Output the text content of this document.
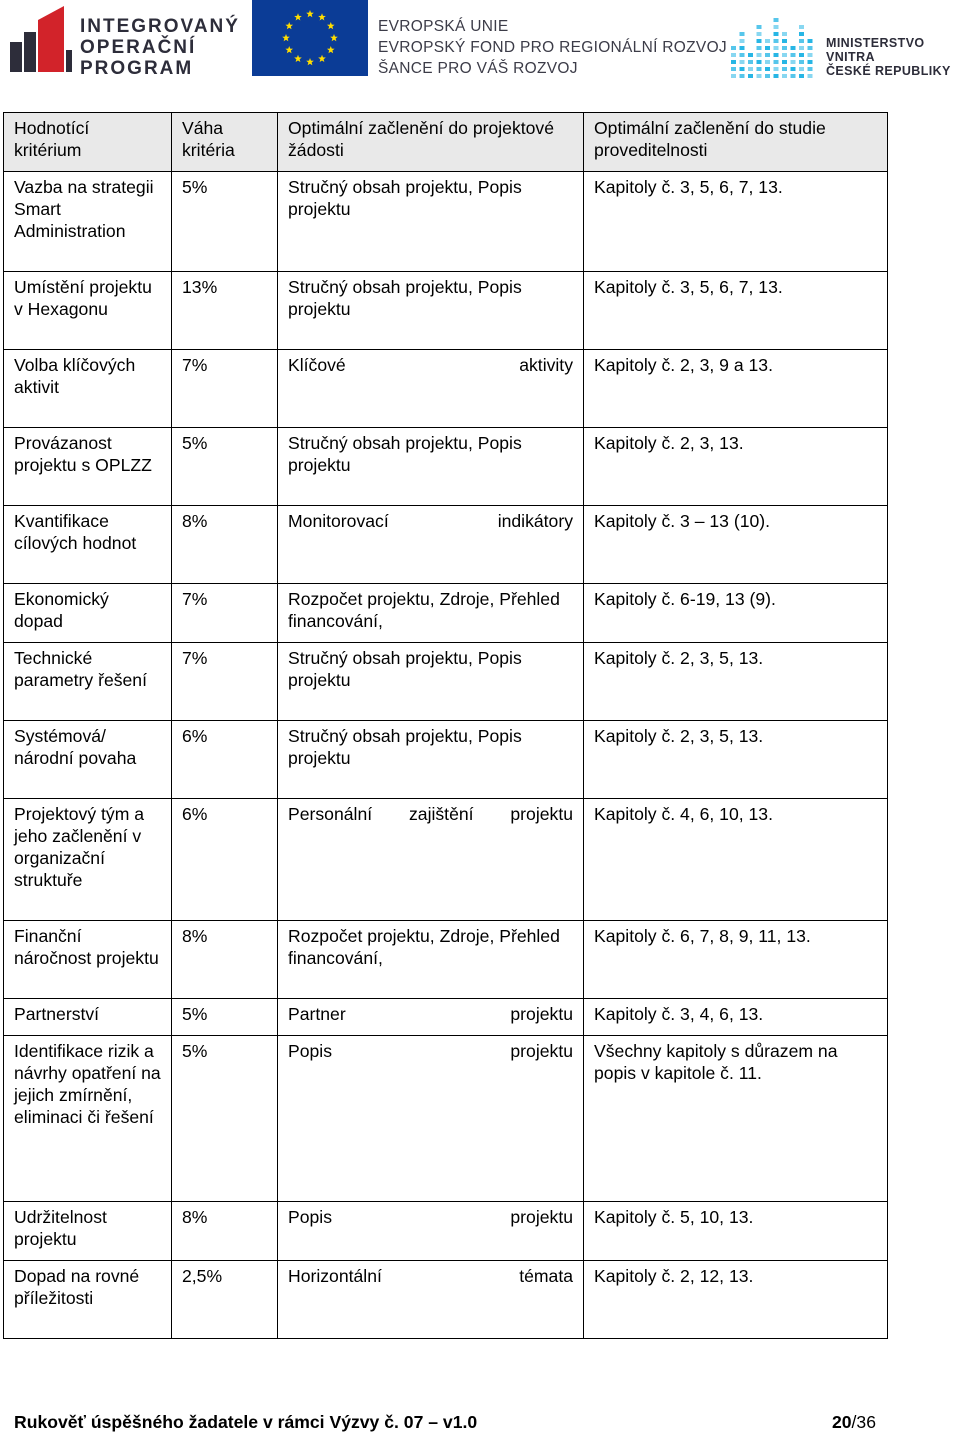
INTEGROVANÝ
OPERAČNÍ
PROGRAM
EVROPSKÁ UNIE
EVROPSKÝ FOND PRO REGIONÁLNÍ ROZVOJ
ŠANCE PRO VÁŠ ROZVOJ
MINISTERSTVO VNITRA
ČESKÉ REPUBLIKY
Hodnotící kritérium	Váha kritéria	Optimální začlenění do projektové žádosti	Optimální začlenění do studie proveditelnosti
Vazba na strategii Smart Administration	5%	Stručný obsah projektu, Popis projektu	Kapitoly č. 3, 5, 6, 7, 13.
Umístění projektu v Hexagonu	13%	Stručný obsah projektu, Popis projektu	Kapitoly č. 3, 5, 6, 7, 13.
Volba klíčových aktivit	7%	Klíčové aktivity	Kapitoly č. 2, 3, 9 a 13.
Provázanost projektu s OPLZZ	5%	Stručný obsah projektu, Popis projektu	Kapitoly č. 2, 3, 13.
Kvantifikace cílových hodnot	8%	Monitorovací indikátory	Kapitoly č. 3 – 13 (10).
Ekonomický dopad	7%	Rozpočet projektu, Zdroje, Přehled financování,	Kapitoly č. 6-19, 13 (9).
Technické parametry řešení	7%	Stručný obsah projektu, Popis projektu	Kapitoly č. 2, 3, 5, 13.
Systémová/ národní povaha	6%	Stručný obsah projektu, Popis projektu	Kapitoly č. 2, 3, 5, 13.
Projektový tým a jeho začlenění v organizační struktuře	6%	Personální zajištění projektu	Kapitoly č. 4, 6, 10, 13.
Finanční náročnost projektu	8%	Rozpočet projektu, Zdroje, Přehled financování,	Kapitoly č. 6, 7, 8, 9, 11, 13.
Partnerství	5%	Partner projektu	Kapitoly č. 3, 4, 6, 13.
Identifikace rizik a návrhy opatření na jejich zmírnění, eliminaci či řešení	5%	Popis projektu	Všechny kapitoly s důrazem na popis v kapitole č. 11.
Udržitelnost projektu	8%	Popis projektu	Kapitoly č. 5, 10, 13.
Dopad na rovné příležitosti	2,5%	Horizontální témata	Kapitoly č. 2, 12, 13.
Rukověť úspěšného žadatele v rámci Výzvy č. 07 – v1.0	20/36
